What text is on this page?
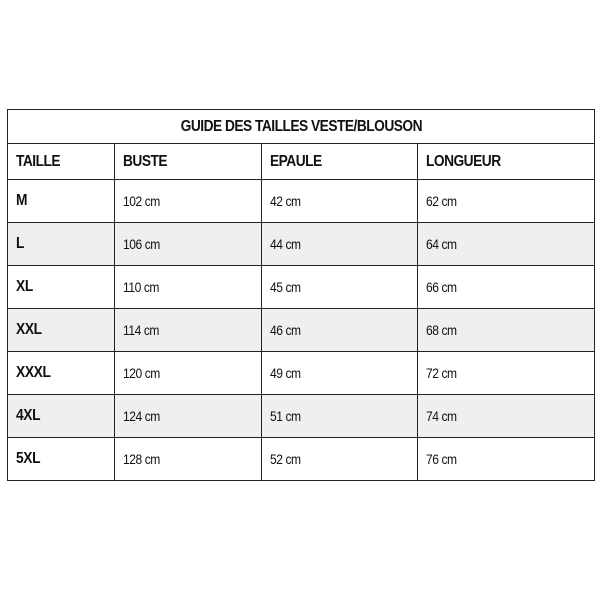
GUIDE DES TAILLES VESTE/BLOUSON			
TAILLE	BUSTE	EPAULE	LONGUEUR
M	102 cm	42 cm	62 cm
L	106 cm	44 cm	64 cm
XL	110 cm	45 cm	66 cm
XXL	114 cm	46 cm	68 cm
XXXL	120 cm	49 cm	72 cm
4XL	124 cm	51 cm	74 cm
5XL	128 cm	52 cm	76 cm
